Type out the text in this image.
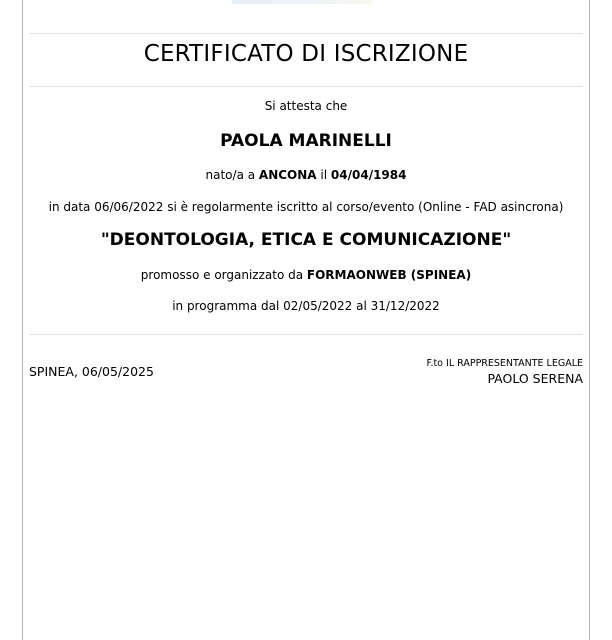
CERTIFICATO DI ISCRIZIONE
Si attesta che
PAOLA MARINELLI
nato/a a ANCONA il 04/04/1984
in data 06/06/2022 si è regolarmente iscritto al corso/evento (Online - FAD asincrona)
"DEONTOLOGIA, ETICA E COMUNICAZIONE"
promosso e organizzato da FORMAONWEB (SPINEA)
in programma dal 02/05/2022 al 31/12/2022
SPINEA, 06/05/2025
F.to IL RAPPRESENTANTE LEGALE
PAOLO SERENA
